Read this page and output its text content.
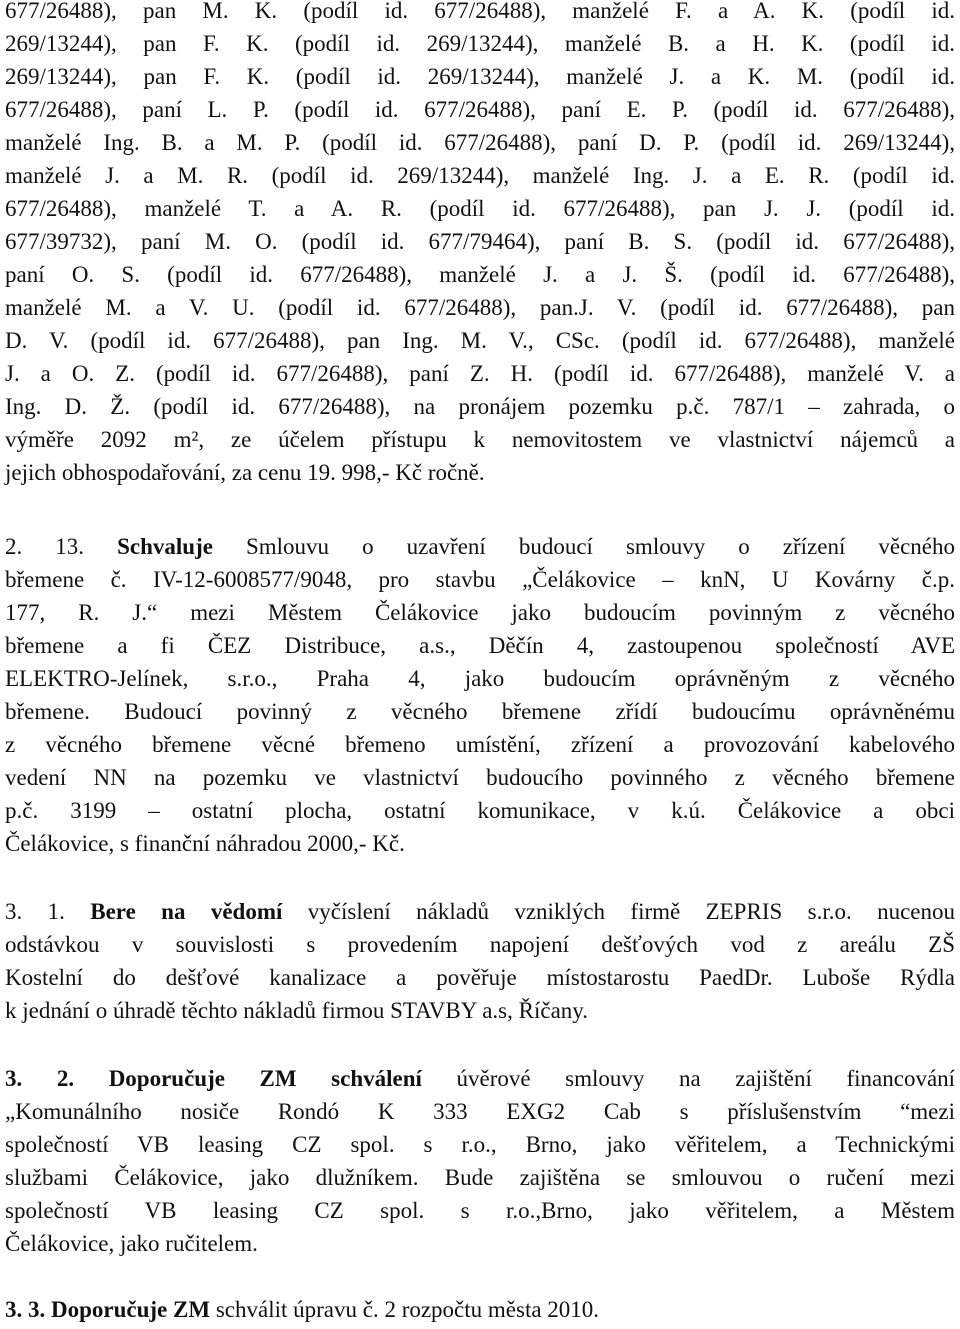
677/26488), pan M. K. (podíl id. 677/26488), manželé F. a A. K. (podíl id.
269/13244), pan F. K. (podíl id. 269/13244), manželé B. a H. K. (podíl id.
269/13244), pan F. K. (podíl id. 269/13244), manželé J. a K. M. (podíl id.
677/26488), paní L. P. (podíl id. 677/26488), paní E. P. (podíl id. 677/26488),
manželé Ing. B. a M. P. (podíl id. 677/26488), paní D. P. (podíl id. 269/13244),
manželé J. a M. R. (podíl id. 269/13244), manželé Ing. J. a E. R. (podíl id.
677/26488), manželé T. a A. R. (podíl id. 677/26488), pan J. J. (podíl id.
677/39732), paní M. O. (podíl id. 677/79464), paní B. S. (podíl id. 677/26488),
paní O. S. (podíl id. 677/26488), manželé J. a J. Š. (podíl id. 677/26488),
manželé M. a V. U. (podíl id. 677/26488), pan.J. V. (podíl id. 677/26488), pan
D. V. (podíl id. 677/26488), pan Ing. M. V., CSc. (podíl id. 677/26488), manželé
J. a O. Z. (podíl id. 677/26488), paní Z. H. (podíl id. 677/26488), manželé V. a
Ing. D. Ž. (podíl id. 677/26488), na pronájem pozemku p.č. 787/1 – zahrada, o
výměře 2092 m², ze účelem přístupu k nemovitostem ve vlastnictví nájemců a
jejich obhospodařování, za cenu 19. 998,- Kč ročně.
2. 13. Schvaluje Smlouvu o uzavření budoucí smlouvy o zřízení věcného
břemene č. IV-12-6008577/9048, pro stavbu „Čelákovice – knN, U Kovárny č.p.
177, R. J.“ mezi Městem Čelákovice jako budoucím povinným z věcného
břemene a fi ČEZ Distribuce, a.s., Děčín 4, zastoupenou společností AVE
ELEKTRO-Jelínek, s.r.o., Praha 4, jako budoucím oprávněným z věcného
břemene. Budoucí povinný z věcného břemene zřídí budoucímu oprávněnému
z věcného břemene věcné břemeno umístění, zřízení a provozování kabelového
vedení NN na pozemku ve vlastnictví budoucího povinného z věcného břemene
p.č. 3199 – ostatní plocha, ostatní komunikace, v k.ú. Čelákovice a obci
Čelákovice, s finanční náhradou 2000,- Kč.
3. 1. Bere na vědomí vyčíslení nákladů vzniklých firmě ZEPRIS s.r.o. nucenou
odstávkou v souvislosti s provedením napojení dešťových vod z areálu ZŠ
Kostelní do dešťové kanalizace a pověřuje místostarostu PaedDr. Luboše Rýdla
k jednání o úhradě těchto nákladů firmou STAVBY a.s, Říčany.
3. 2. Doporučuje ZM schválení úvěrové smlouvy na zajištění financování
„Komunálního nosiče Rondó K 333 EXG2 Cab s příslušenstvím “mezi
společností VB leasing CZ spol. s r.o., Brno, jako věřitelem, a Technickými
službami Čelákovice, jako dlužníkem. Bude zajištěna se smlouvou o ručení mezi
společností VB leasing CZ spol. s r.o.,Brno, jako věřitelem, a Městem
Čelákovice, jako ručitelem.
3. 3. Doporučuje ZM schválit úpravu č. 2 rozpočtu města 2010.
